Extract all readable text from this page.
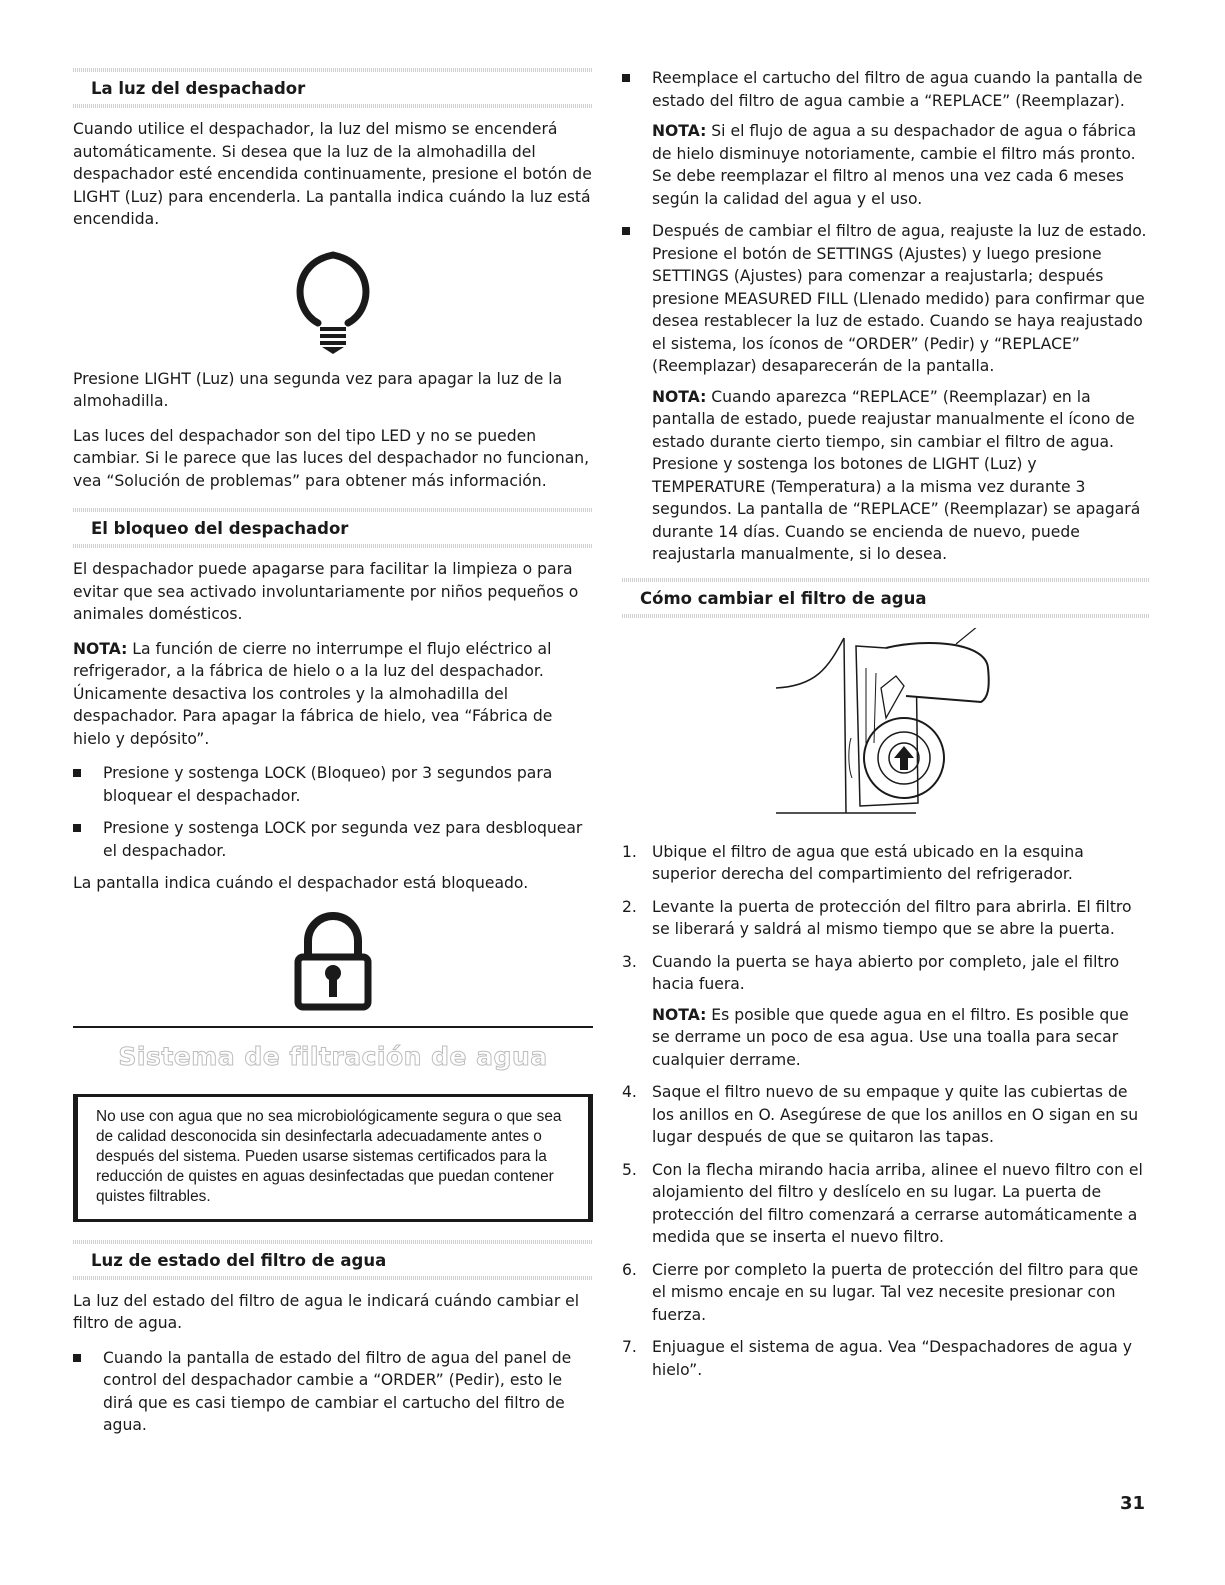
La luz del despachador

Cuando utilice el despachador, la luz del mismo se encenderá automáticamente. Si desea que la luz de la almohadilla del despachador esté encendida continuamente, presione el botón de LIGHT (Luz) para encenderla. La pantalla indica cuándo la luz está encendida.

Presione LIGHT (Luz) una segunda vez para apagar la luz de la almohadilla.

Las luces del despachador son del tipo LED y no se pueden cambiar. Si le parece que las luces del despachador no funcionan, vea “Solución de problemas” para obtener más información.

El bloqueo del despachador

El despachador puede apagarse para facilitar la limpieza o para evitar que sea activado involuntariamente por niños pequeños o animales domésticos.

NOTA: La función de cierre no interrumpe el flujo eléctrico al refrigerador, a la fábrica de hielo o a la luz del despachador. Únicamente desactiva los controles y la almohadilla del despachador. Para apagar la fábrica de hielo, vea “Fábrica de hielo y depósito”.

Presione y sostenga LOCK (Bloqueo) por 3 segundos para bloquear el despachador.
Presione y sostenga LOCK por segunda vez para desbloquear el despachador.

La pantalla indica cuándo el despachador está bloqueado.

Sistema de filtración de agua
No use con agua que no sea microbiológicamente segura o que sea de calidad desconocida sin desinfectarla adecuadamente antes o después del sistema. Pueden usarse sistemas certificados para la reducción de quistes en aguas desinfectadas que puedan contener quistes filtrables.
Luz de estado del filtro de agua

La luz del estado del filtro de agua le indicará cuándo cambiar el filtro de agua.

Cuando la pantalla de estado del filtro de agua del panel de control del despachador cambie a “ORDER” (Pedir), esto le dirá que es casi tiempo de cambiar el cartucho del filtro de agua.
Reemplace el cartucho del filtro de agua cuando la pantalla de estado del filtro de agua cambie a “REPLACE” (Reemplazar).

NOTA: Si el flujo de agua a su despachador de agua o fábrica de hielo disminuye notoriamente, cambie el filtro más pronto. Se debe reemplazar el filtro al menos una vez cada 6 meses según la calidad del agua y el uso.

Después de cambiar el filtro de agua, reajuste la luz de estado. Presione el botón de SETTINGS (Ajustes) y luego presione SETTINGS (Ajustes) para comenzar a reajustarla; después presione MEASURED FILL (Llenado medido) para confirmar que desea restablecer la luz de estado. Cuando se haya reajustado el sistema, los íconos de “ORDER” (Pedir) y “REPLACE” (Reemplazar) desaparecerán de la pantalla.

NOTA: Cuando aparezca “REPLACE” (Reemplazar) en la pantalla de estado, puede reajustar manualmente el ícono de estado durante cierto tiempo, sin cambiar el filtro de agua. Presione y sostenga los botones de LIGHT (Luz) y TEMPERATURE (Temperatura) a la misma vez durante 3 segundos. La pantalla de “REPLACE” (Reemplazar) se apagará durante 14 días. Cuando se encienda de nuevo, puede reajustarla manualmente, si lo desea.

Cómo cambiar el filtro de agua
1. Ubique el filtro de agua que está ubicado en la esquina superior derecha del compartimiento del refrigerador.
2. Levante la puerta de protección del filtro para abrirla. El filtro se liberará y saldrá al mismo tiempo que se abre la puerta.
3. Cuando la puerta se haya abierto por completo, jale el filtro hacia fuera.

NOTA: Es posible que quede agua en el filtro. Es posible que se derrame un poco de esa agua. Use una toalla para secar cualquier derrame.

4. Saque el filtro nuevo de su empaque y quite las cubiertas de los anillos en O. Asegúrese de que los anillos en O sigan en su lugar después de que se quitaron las tapas.
5. Con la flecha mirando hacia arriba, alinee el nuevo filtro con el alojamiento del filtro y deslícelo en su lugar. La puerta de protección del filtro comenzará a cerrarse automáticamente a medida que se inserta el nuevo filtro.
6. Cierre por completo la puerta de protección del filtro para que el mismo encaje en su lugar. Tal vez necesite presionar con fuerza.
7. Enjuague el sistema de agua. Vea “Despachadores de agua y hielo”.
31
